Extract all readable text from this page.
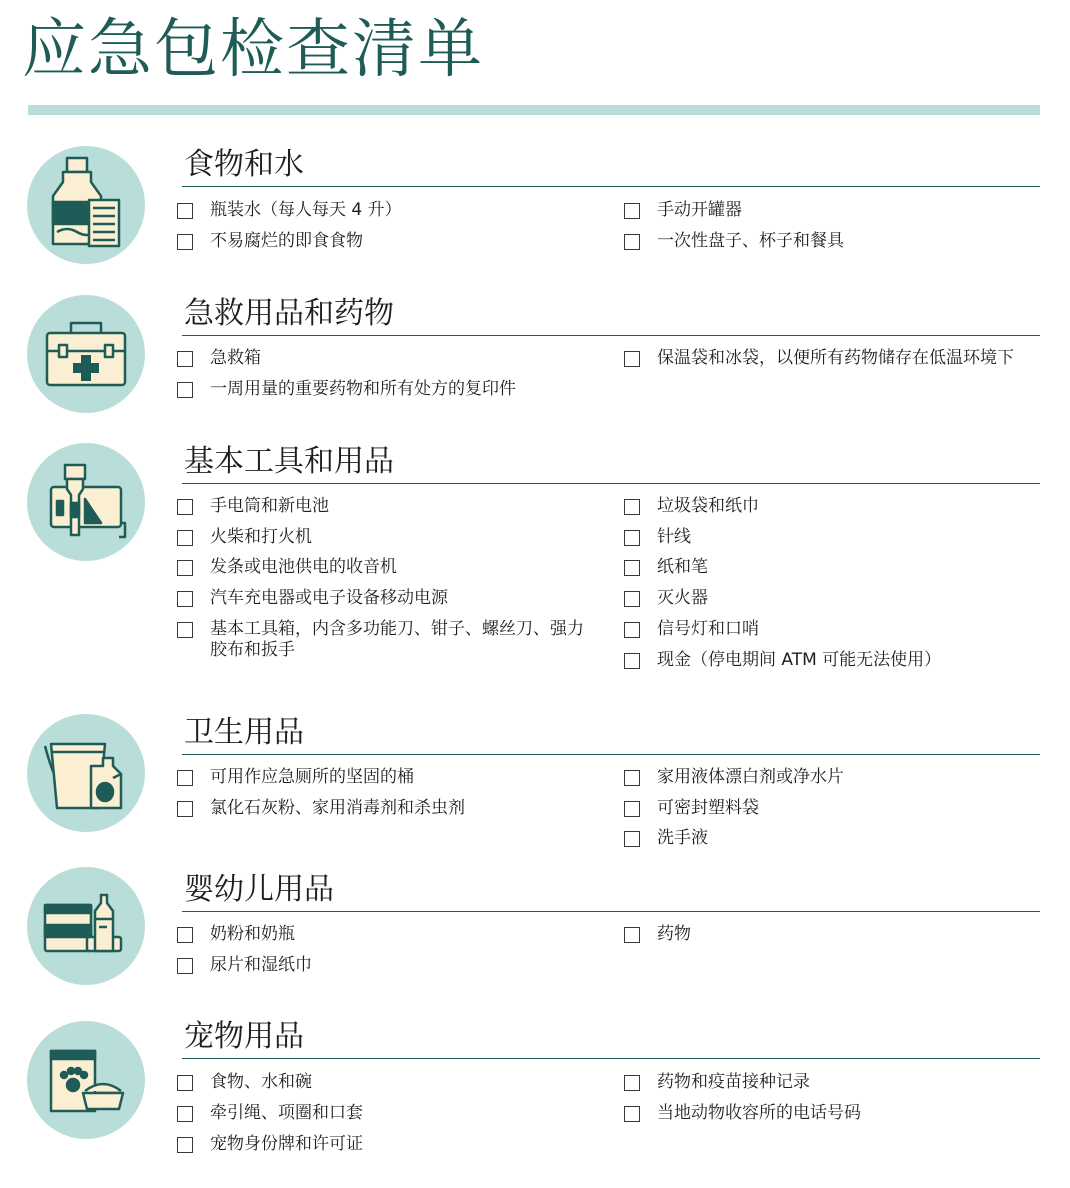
应急包检查清单
食物和水
瓶装水（每人每天 4 升）
不易腐烂的即食食物
手动开罐器
一次性盘子、杯子和餐具
急救用品和药物
急救箱
一周用量的重要药物和所有处方的复印件
保温袋和冰袋，以便所有药物储存在低温环境下
基本工具和用品
手电筒和新电池
火柴和打火机
发条或电池供电的收音机
汽车充电器或电子设备移动电源
基本工具箱，内含多功能刀、钳子、螺丝刀、强力胶布和扳手
垃圾袋和纸巾
针线
纸和笔
灭火器
信号灯和口哨
现金（停电期间 ATM 可能无法使用）
卫生用品
可用作应急厕所的坚固的桶
氯化石灰粉、家用消毒剂和杀虫剂
家用液体漂白剂或净水片
可密封塑料袋
洗手液
婴幼儿用品
奶粉和奶瓶
尿片和湿纸巾
药物
宠物用品
食物、水和碗
牵引绳、项圈和口套
宠物身份牌和许可证
药物和疫苗接种记录
当地动物收容所的电话号码
